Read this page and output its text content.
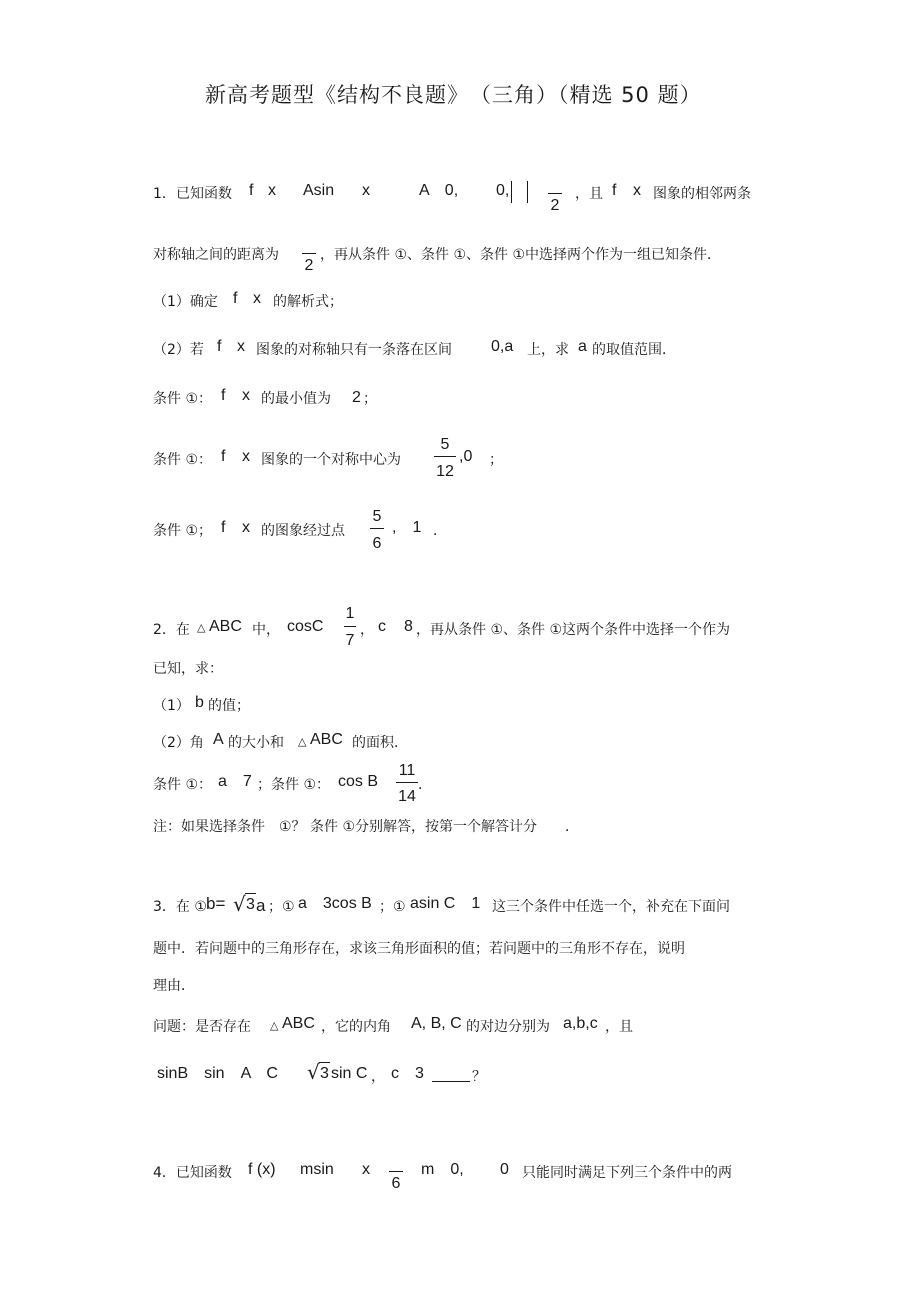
新高考题型《结构不良题》　（三角）（精选 50 题）
1． 已知函数 f x Asin x	A　0, 0,
2
，且 f x 图象的相邻两条
对称轴之间的距离为
2
，再从条件 ①、条件 ①、条件 ①中选择两个作为一组已知条件．
（1）确定 f x 的解析式；
（2）若 f x 图象的对称轴只有一条落在区间 0,a 上，求 a 的取值范围．
条件 ①： f x 的最小值为 2 ；
条件 ①： f x 图象的一个对称中心为
5
12
,0 ；
条件 ①； f x 的图象经过点
5
6
,　1 ．
2．在 △ ABC 中， cosC
1
7
， c 8 ，再从条件 ①、条件 ①这两个条件中选择一个作为
已知，求：
（1） b 的值；
（2）角 A 的大小和 △ ABC 的面积．
条件 ①： a　7 ；条件 ①： cos B
11
14
．
注：如果选择条件　①？ 条件 ①分别解答，按第一个解答计分　　．
3．在 ① b= √ 3 a ；① a　3cos B ；① asin C　1 这三个条件中任选一个，补充在下面问
题中．若问题中的三角形存在，求该三角形面积的值；若问题中的三角形不存在，说明
理由．
问题：是否存在 △ ABC ，它的内角 A, B, C 的对边分别为 a,b,c ，且
sinB　sin　A　C √ 3 sin C ， c　3	？
4．已知函数 f (x) msin x
6
m　0, 0 只能同时满足下列三个条件中的两
